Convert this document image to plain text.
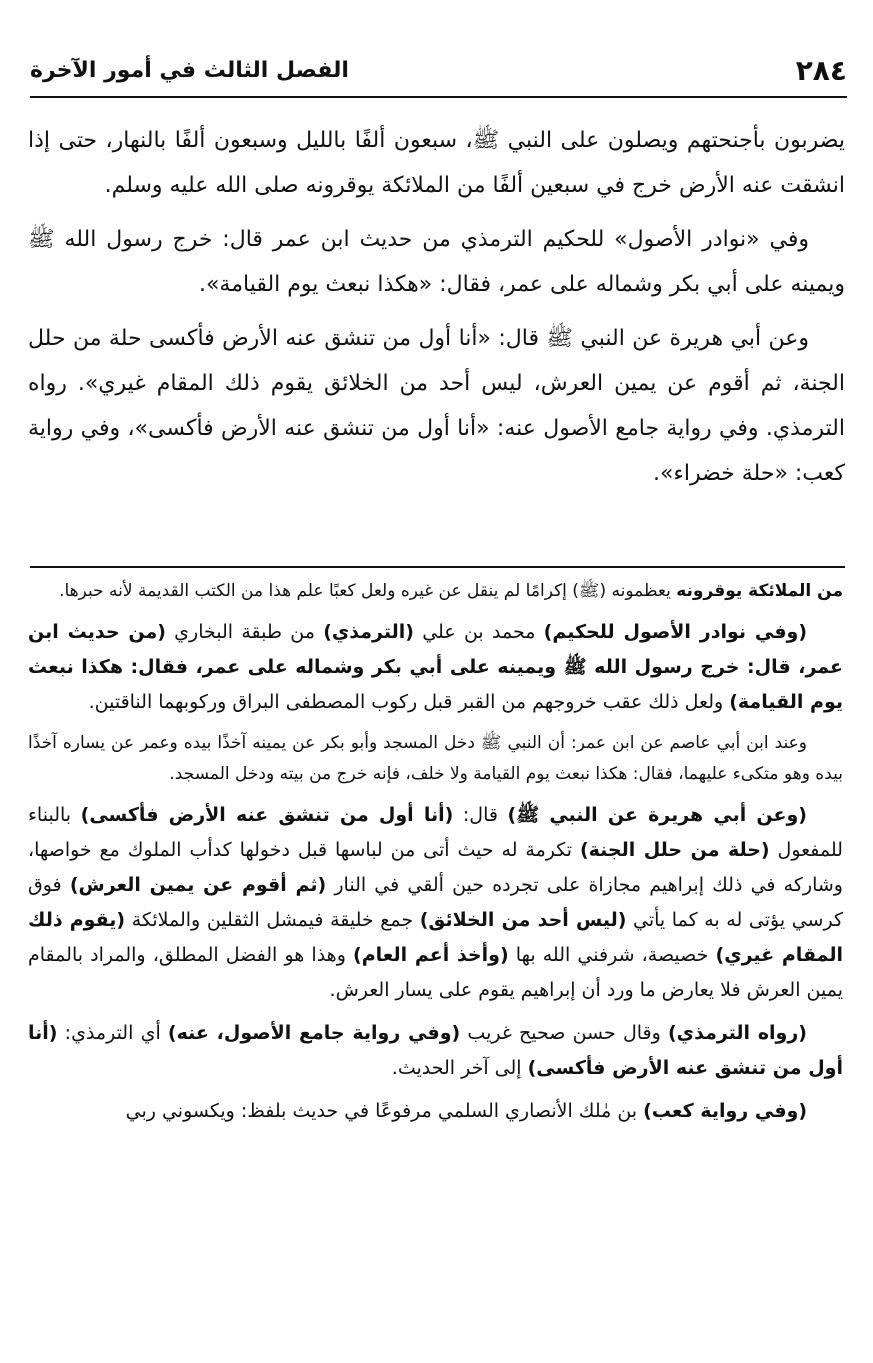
٢٨٤
الفصل الثالث في أمور الآخرة

يضربون بأجنحتهم ويصلون على النبي ﷺ، سبعون ألفًا بالليل وسبعون ألفًا بالنهار، حتى إذا انشقت عنه الأرض خرج في سبعين ألفًا من الملائكة يوقرونه صلى الله عليه وسلم.

وفي «نوادر الأصول» للحكيم الترمذي من حديث ابن عمر قال: خرج رسول الله ﷺ ويمينه على أبي بكر وشماله على عمر، فقال: «هكذا نبعث يوم القيامة».

وعن أبي هريرة عن النبي ﷺ قال: «أنا أول من تنشق عنه الأرض فأكسى حلة من حلل الجنة، ثم أقوم عن يمين العرش، ليس أحد من الخلائق يقوم ذلك المقام غيري». رواه الترمذي. وفي رواية جامع الأصول عنه: «أنا أول من تنشق عنه الأرض فأكسى»، وفي رواية كعب: «حلة خضراء».

من الملائكة يوقرونه يعظمونه (ﷺ) إكرامًا لم ينقل عن غيره ولعل كعبًا علم هذا من الكتب القديمة لأنه حبرها.

(وفي نوادر الأصول للحكيم) محمد بن علي (الترمذي) من طبقة البخاري (من حديث ابن عمر، قال: خرج رسول الله ﷺ ويمينه على أبي بكر وشماله على عمر، فقال: هكذا نبعث يوم القيامة) ولعل ذلك عقب خروجهم من القبر قبل ركوب المصطفى البراق وركوبهما الناقتين.

وعند ابن أبي عاصم عن ابن عمر: أن النبي ﷺ دخل المسجد وأبو بكر عن يمينه آخذًا بيده وعمر عن يساره آخذًا بيده وهو متكىء عليهما، فقال: هكذا نبعث يوم القيامة ولا خلف، فإنه خرج من بيته ودخل المسجد.

(وعن أبي هريرة عن النبي ﷺ) قال: (أنا أول من تنشق عنه الأرض فأكسى) بالبناء للمفعول (حلة من حلل الجنة) تكرمة له حيث أتى من لباسها قبل دخولها كدأب الملوك مع خواصها، وشاركه في ذلك إبراهيم مجازاة على تجرده حين ألقي في النار (ثم أقوم عن يمين العرش) فوق كرسي يؤتى له به كما يأتي (ليس أحد من الخلائق) جمع خليقة فيمشل الثقلين والملائكة (يقوم ذلك المقام غيري) خصيصة، شرفني الله بها (وأخذ أعم العام) وهذا هو الفضل المطلق، والمراد بالمقام يمين العرش فلا يعارض ما ورد أن إبراهيم يقوم على يسار العرش.

(رواه الترمذي) وقال حسن صحيح غريب (وفي رواية جامع الأصول، عنه) أي الترمذي: (أنا أول من تنشق عنه الأرض فأكسى) إلى آخر الحديث.

(وفي رواية كعب) بن مٰلك الأنصاري السلمي مرفوعًا في حديث بلفظ: ويكسوني ربي
